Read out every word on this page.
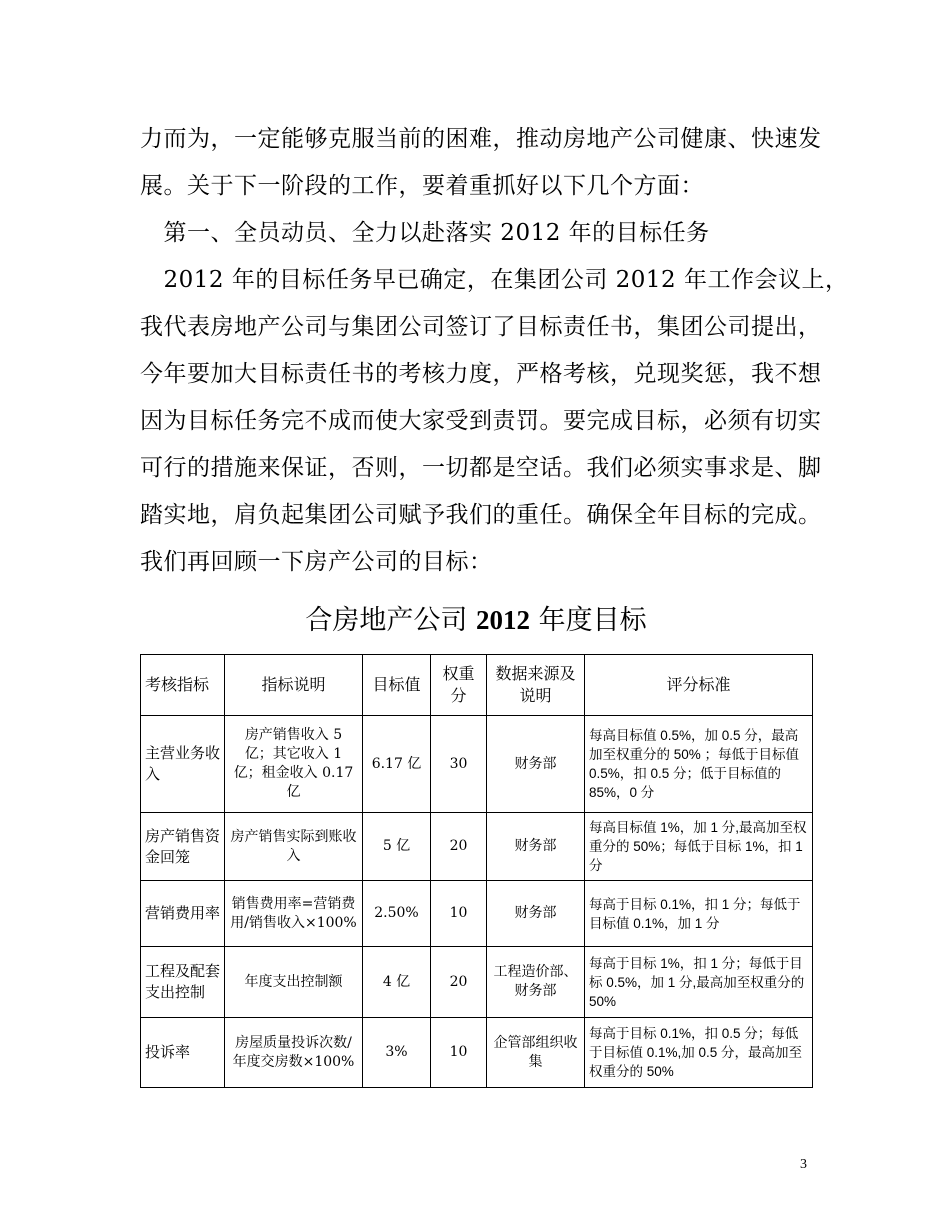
力而为，一定能够克服当前的困难，推动房地产公司健康、快速发

展。关于下一阶段的工作，要着重抓好以下几个方面：

　第一、全员动员、全力以赴落实 2012 年的目标任务

　2012 年的目标任务早已确定，在集团公司 2012 年工作会议上，

我代表房地产公司与集团公司签订了目标责任书，集团公司提出，

今年要加大目标责任书的考核力度，严格考核，兑现奖惩，我不想

因为目标任务完不成而使大家受到责罚。要完成目标，必须有切实

可行的措施来保证，否则，一切都是空话。我们必须实事求是、脚

踏实地，肩负起集团公司赋予我们的重任。确保全年目标的完成。

我们再回顾一下房产公司的目标：

合房地产公司 2012 年度目标

考核指标	指标说明	目标值	权重分	数据来源及说明	评分标准
主营业务收入	房产销售收入 5 亿；其它收入 1 亿；租金收入 0.17 亿	6.17 亿	30	财务部	每高目标值 0.5%，加 0.5 分，最高加至权重分的 50% ；每低于目标值 0.5%，扣 0.5 分；低于目标值的 85%，0 分
房产销售资金回笼	房产销售实际到账收入	5 亿	20	财务部	每高目标值 1%，加 1 分,最高加至权重分的 50%；每低于目标 1%，扣 1 分
营销费用率	销售费用率=营销费用/销售收入×100%	2.50%	10	财务部	每高于目标 0.1%，扣 1 分；每低于目标值 0.1%，加 1 分
工程及配套支出控制	年度支出控制额	4 亿	20	工程造价部、财务部	每高于目标 1%，扣 1 分；每低于目标 0.5%，加 1 分,最高加至权重分的 50%
投诉率	房屋质量投诉次数/年度交房数×100%	3%	10	企管部组织收集	每高于目标 0.1%，扣 0.5 分；每低于目标值 0.1%,加 0.5 分，最高加至权重分的 50%
3
